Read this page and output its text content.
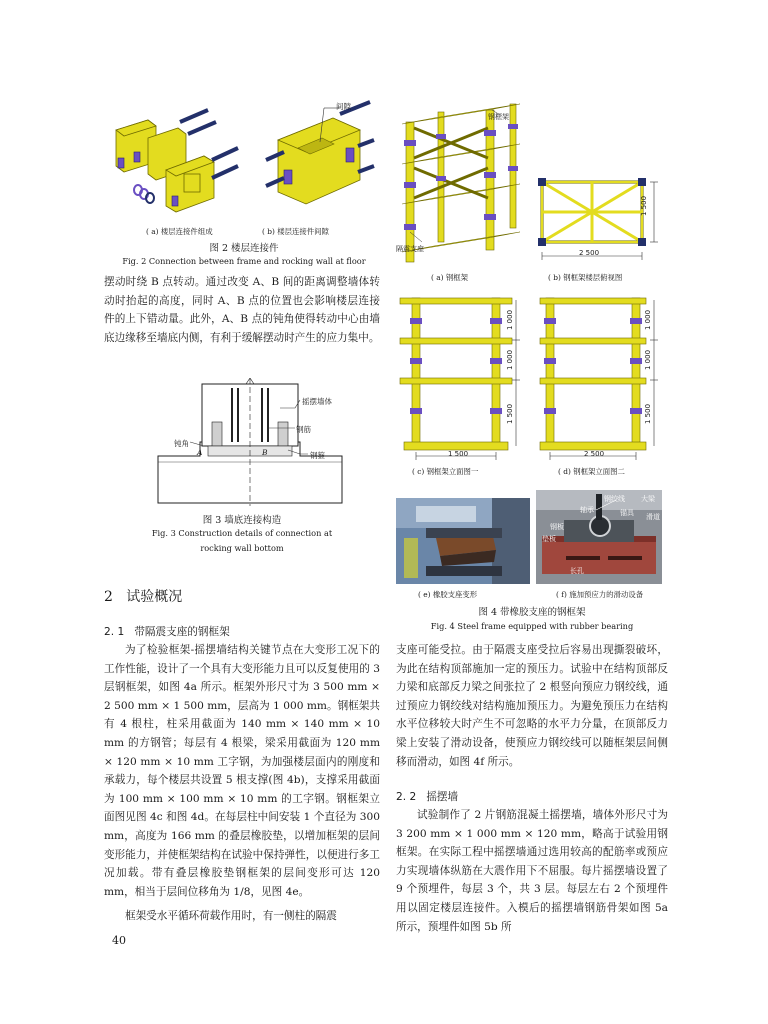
间隙
( a) 楼层连接件组成	( b) 楼层连接件间隙
图 2 楼层连接件
Fig. 2 Connection between frame and rocking wall at floor

摆动时绕 B 点转动。通过改变 A、B 间的距离调整墙体转动时抬起的高度，同时 A、B 点的位置也会影响楼层连接件的上下错动量。此外，A、B 点的钝角使得转动中心由墙底边缘移至墙底内侧，有利于缓解摆动时产生的应力集中。

摇摆墙体
钢筋
钢箍
钝角
A	B
图 3 墙底连接构造
Fig. 3 Construction details of connection at
rocking wall bottom
2 试验概况
2. 1 带隔震支座的钢框架

为了检验框架-摇摆墙结构关键节点在大变形工况下的工作性能，设计了一个具有大变形能力且可以反复使用的 3 层钢框架，如图 4a 所示。框架外形尺寸为 3 500 mm × 2 500 mm × 1 500 mm，层高为 1 000 mm。钢框架共有 4 根柱，柱采用截面为 140 mm × 140 mm × 10 mm 的方钢管；每层有 4 根梁，梁采用截面为 120 mm × 120 mm × 10 mm 工字钢，为加强楼层面内的刚度和承载力，每个楼层共设置 5 根支撑(图 4b)，支撑采用截面为 100 mm × 100 mm × 10 mm 的工字钢。钢框架立面图见图 4c 和图 4d。在每层柱中间安装 1 个直径为 300 mm，高度为 166 mm 的叠层橡胶垫，以增加框架的层间变形能力，并使框架结构在试验中保持弹性，以便进行多工况加载。带有叠层橡胶垫钢框架的层间变形可达 120 mm，相当于层间位移角为 1/8，见图 4e。

框架受水平循环荷载作用时，有一侧柱的隔震

40
钢框架
隔震支座	2 500
1 500
( a) 钢框架	( b) 钢框架楼层俯视图
1 000
1 000
1 500
1 500
1 000
1 000
1 500
2 500
( c) 钢框架立面图一	( d) 钢框架立面图二
钢绞线 大梁
轴承	锚具 滑道
钢板
垫板
长孔
( e) 橡胶支座变形	( f) 施加预应力的滑动设备
图 4 带橡胶支座的钢框架
Fig. 4 Steel frame equipped with rubber bearing

支座可能受拉。由于隔震支座受拉后容易出现撕裂破坏，为此在结构顶部施加一定的预压力。试验中在结构顶部反力梁和底部反力梁之间张拉了 2 根竖向预应力钢绞线，通过预应力钢绞线对结构施加预压力。为避免预压力在结构水平位移较大时产生不可忽略的水平力分量，在顶部反力梁上安装了滑动设备，使预应力钢绞线可以随框架层间侧移而滑动，如图 4f 所示。

2. 2 摇摆墙

试验制作了 2 片钢筋混凝土摇摆墙，墙体外形尺寸为 3 200 mm × 1 000 mm × 120 mm，略高于试验用钢框架。在实际工程中摇摆墙通过选用较高的配筋率或预应力实现墙体纵筋在大震作用下不屈服。每片摇摆墙设置了 9 个预埋件，每层 3 个，共 3 层。每层左右 2 个预埋件用以固定楼层连接件。入模后的摇摆墙钢筋骨架如图 5a 所示，预埋件如图 5b 所
